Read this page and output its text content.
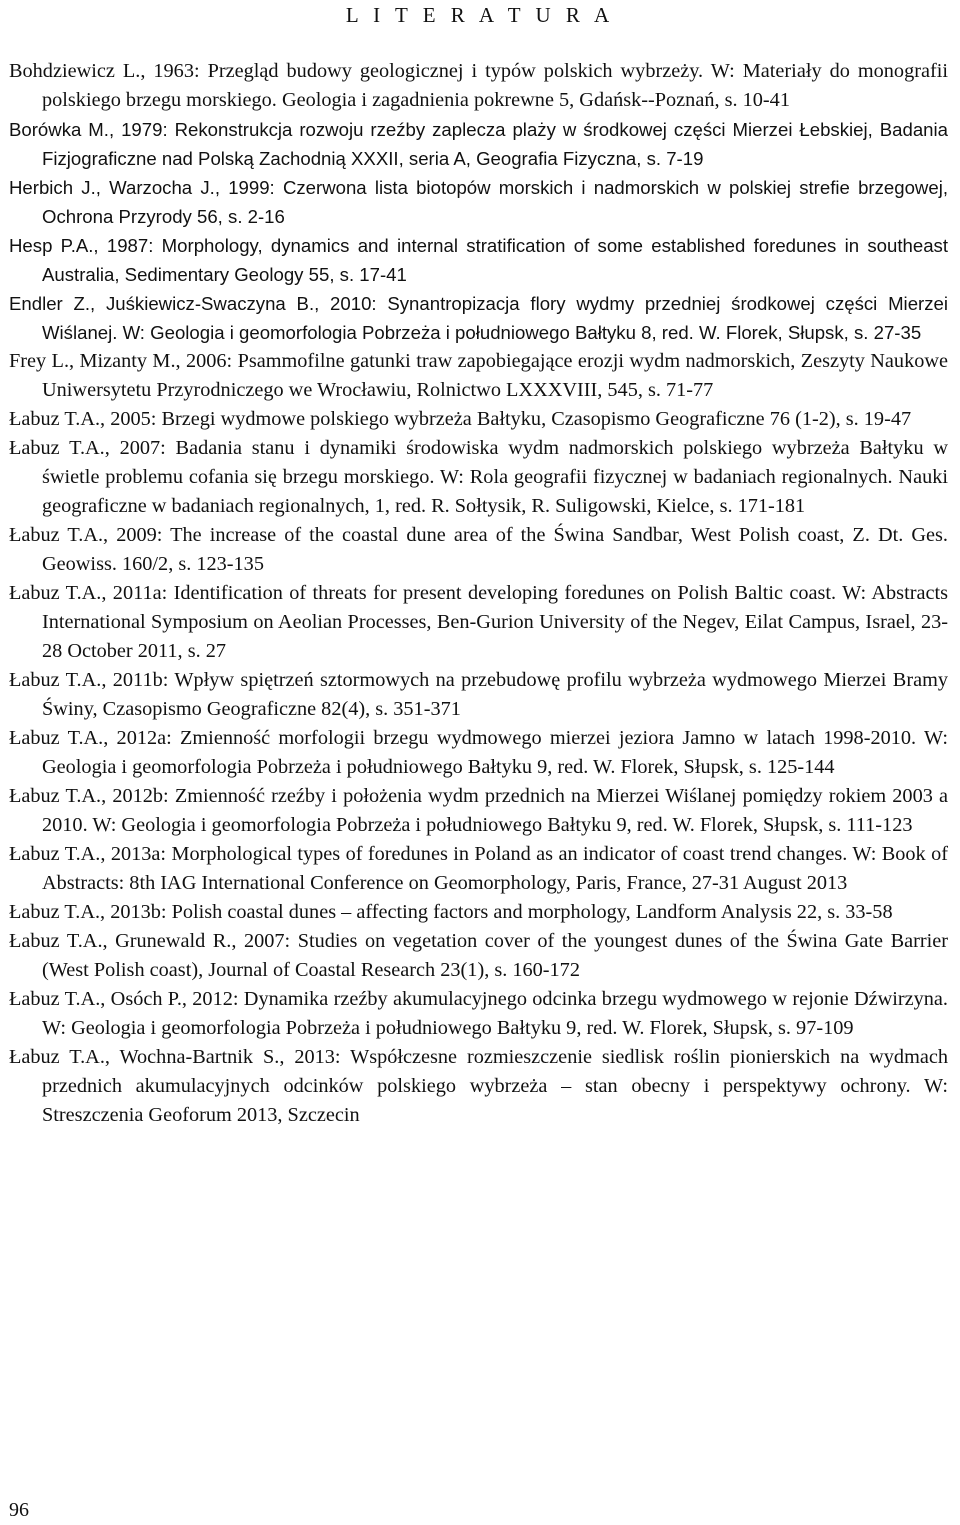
L I T E R A T U R A

Bohdziewicz L., 1963: Przegląd budowy geologicznej i typów polskich wybrzeży. W: Materiały do monografii polskiego brzegu morskiego. Geologia i zagadnienia pokrewne 5, Gdańsk--Poznań, s. 10-41

Borówka M., 1979: Rekonstrukcja rozwoju rzeźby zaplecza plaży w środkowej części Mierzei Łebskiej, Badania Fizjograficzne nad Polską Zachodnią XXXII, seria A, Geografia Fizyczna, s. 7-19

Herbich J., Warzocha J., 1999: Czerwona lista biotopów morskich i nadmorskich w polskiej strefie brzegowej, Ochrona Przyrody 56, s. 2-16

Hesp P.A., 1987: Morphology, dynamics and internal stratification of some established foredunes in southeast Australia, Sedimentary Geology 55, s. 17-41

Endler Z., Juśkiewicz-Swaczyna B., 2010: Synantropizacja flory wydmy przedniej środkowej części Mierzei Wiślanej. W: Geologia i geomorfologia Pobrzeża i południowego Bałtyku 8, red. W. Florek, Słupsk, s. 27-35

Frey L., Mizanty M., 2006: Psammofilne gatunki traw zapobiegające erozji wydm nadmorskich, Zeszyty Naukowe Uniwersytetu Przyrodniczego we Wrocławiu, Rolnictwo LXXXVIII, 545, s. 71-77

Łabuz T.A., 2005: Brzegi wydmowe polskiego wybrzeża Bałtyku, Czasopismo Geograficzne 76 (1-2), s. 19-47

Łabuz T.A., 2007: Badania stanu i dynamiki środowiska wydm nadmorskich polskiego wybrzeża Bałtyku w świetle problemu cofania się brzegu morskiego. W: Rola geografii fizycznej w badaniach regionalnych. Nauki geograficzne w badaniach regionalnych, 1, red. R. Sołtysik, R. Suligowski, Kielce, s. 171-181

Łabuz T.A., 2009: The increase of the coastal dune area of the Świna Sandbar, West Polish coast, Z. Dt. Ges. Geowiss. 160/2, s. 123-135

Łabuz T.A., 2011a: Identification of threats for present developing foredunes on Polish Baltic coast. W: Abstracts International Symposium on Aeolian Processes, Ben-Gurion University of the Negev, Eilat Campus, Israel, 23-28 October 2011, s. 27

Łabuz T.A., 2011b: Wpływ spiętrzeń sztormowych na przebudowę profilu wybrzeża wydmowego Mierzei Bramy Świny, Czasopismo Geograficzne 82(4), s. 351-371

Łabuz T.A., 2012a: Zmienność morfologii brzegu wydmowego mierzei jeziora Jamno w latach 1998-2010. W: Geologia i geomorfologia Pobrzeża i południowego Bałtyku 9, red. W. Florek, Słupsk, s. 125-144

Łabuz T.A., 2012b: Zmienność rzeźby i położenia wydm przednich na Mierzei Wiślanej pomiędzy rokiem 2003 a 2010. W: Geologia i geomorfologia Pobrzeża i południowego Bałtyku 9, red. W. Florek, Słupsk, s. 111-123

Łabuz T.A., 2013a: Morphological types of foredunes in Poland as an indicator of coast trend changes. W: Book of Abstracts: 8th IAG International Conference on Geomorphology, Paris, France, 27-31 August 2013

Łabuz T.A., 2013b: Polish coastal dunes – affecting factors and morphology, Landform Analysis 22, s. 33-58

Łabuz T.A., Grunewald R., 2007: Studies on vegetation cover of the youngest dunes of the Świna Gate Barrier (West Polish coast), Journal of Coastal Research 23(1), s. 160-172

Łabuz T.A., Osóch P., 2012: Dynamika rzeźby akumulacyjnego odcinka brzegu wydmowego w rejonie Dźwirzyna. W: Geologia i geomorfologia Pobrzeża i południowego Bałtyku 9, red. W. Florek, Słupsk, s. 97-109

Łabuz T.A., Wochna-Bartnik S., 2013: Współczesne rozmieszczenie siedlisk roślin pionierskich na wydmach przednich akumulacyjnych odcinków polskiego wybrzeża – stan obecny i perspektywy ochrony. W: Streszczenia Geoforum 2013, Szczecin

96
